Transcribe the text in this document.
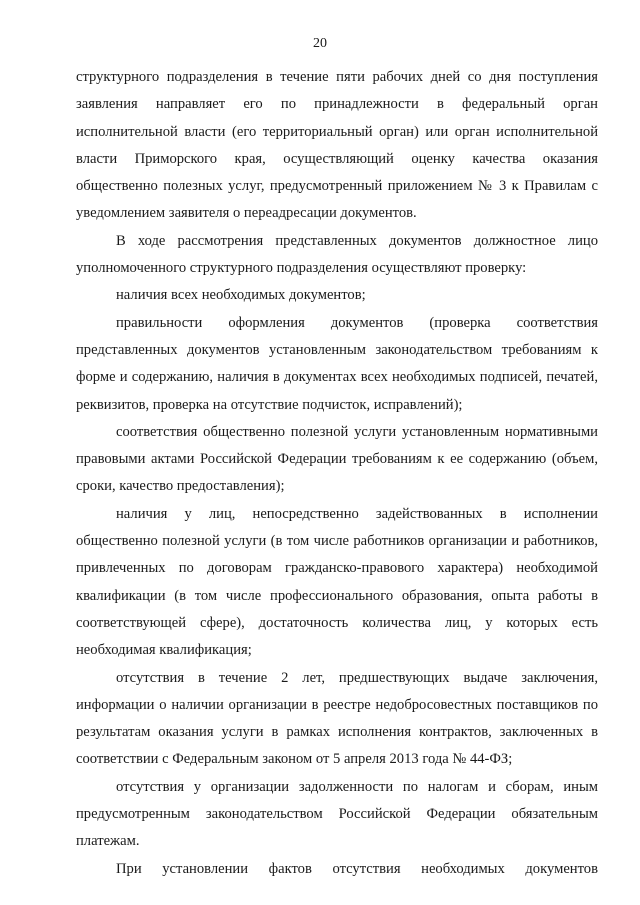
20

структурного подразделения в течение пяти рабочих дней со дня поступления заявления направляет его по принадлежности в федеральный орган исполнительной власти (его территориальный орган) или орган исполнительной власти Приморского края, осуществляющий оценку качества оказания общественно полезных услуг, предусмотренный приложением № 3 к Правилам с уведомлением заявителя о переадресации документов.

В ходе рассмотрения представленных документов должностное лицо уполномоченного структурного подразделения осуществляют проверку:

наличия всех необходимых документов;

правильности оформления документов (проверка соответствия представленных документов установленным законодательством требованиям к форме и содержанию, наличия в документах всех необходимых подписей, печатей, реквизитов, проверка на отсутствие подчисток, исправлений);

соответствия общественно полезной услуги установленным нормативными правовыми актами Российской Федерации требованиям к ее содержанию (объем, сроки, качество предоставления);

наличия у лиц, непосредственно задействованных в исполнении общественно полезной услуги (в том числе работников организации и работников, привлеченных по договорам гражданско-правового характера) необходимой квалификации (в том числе профессионального образования, опыта работы в соответствующей сфере), достаточность количества лиц, у которых есть необходимая квалификация;

отсутствия в течение 2 лет, предшествующих выдаче заключения, информации о наличии организации в реестре недобросовестных поставщиков по результатам оказания услуги в рамках исполнения контрактов, заключенных в соответствии с Федеральным законом от 5 апреля 2013 года № 44-ФЗ;

отсутствия у организации задолженности по налогам и сборам, иным предусмотренным законодательством Российской Федерации обязательным платежам.

При установлении фактов отсутствия необходимых документов
